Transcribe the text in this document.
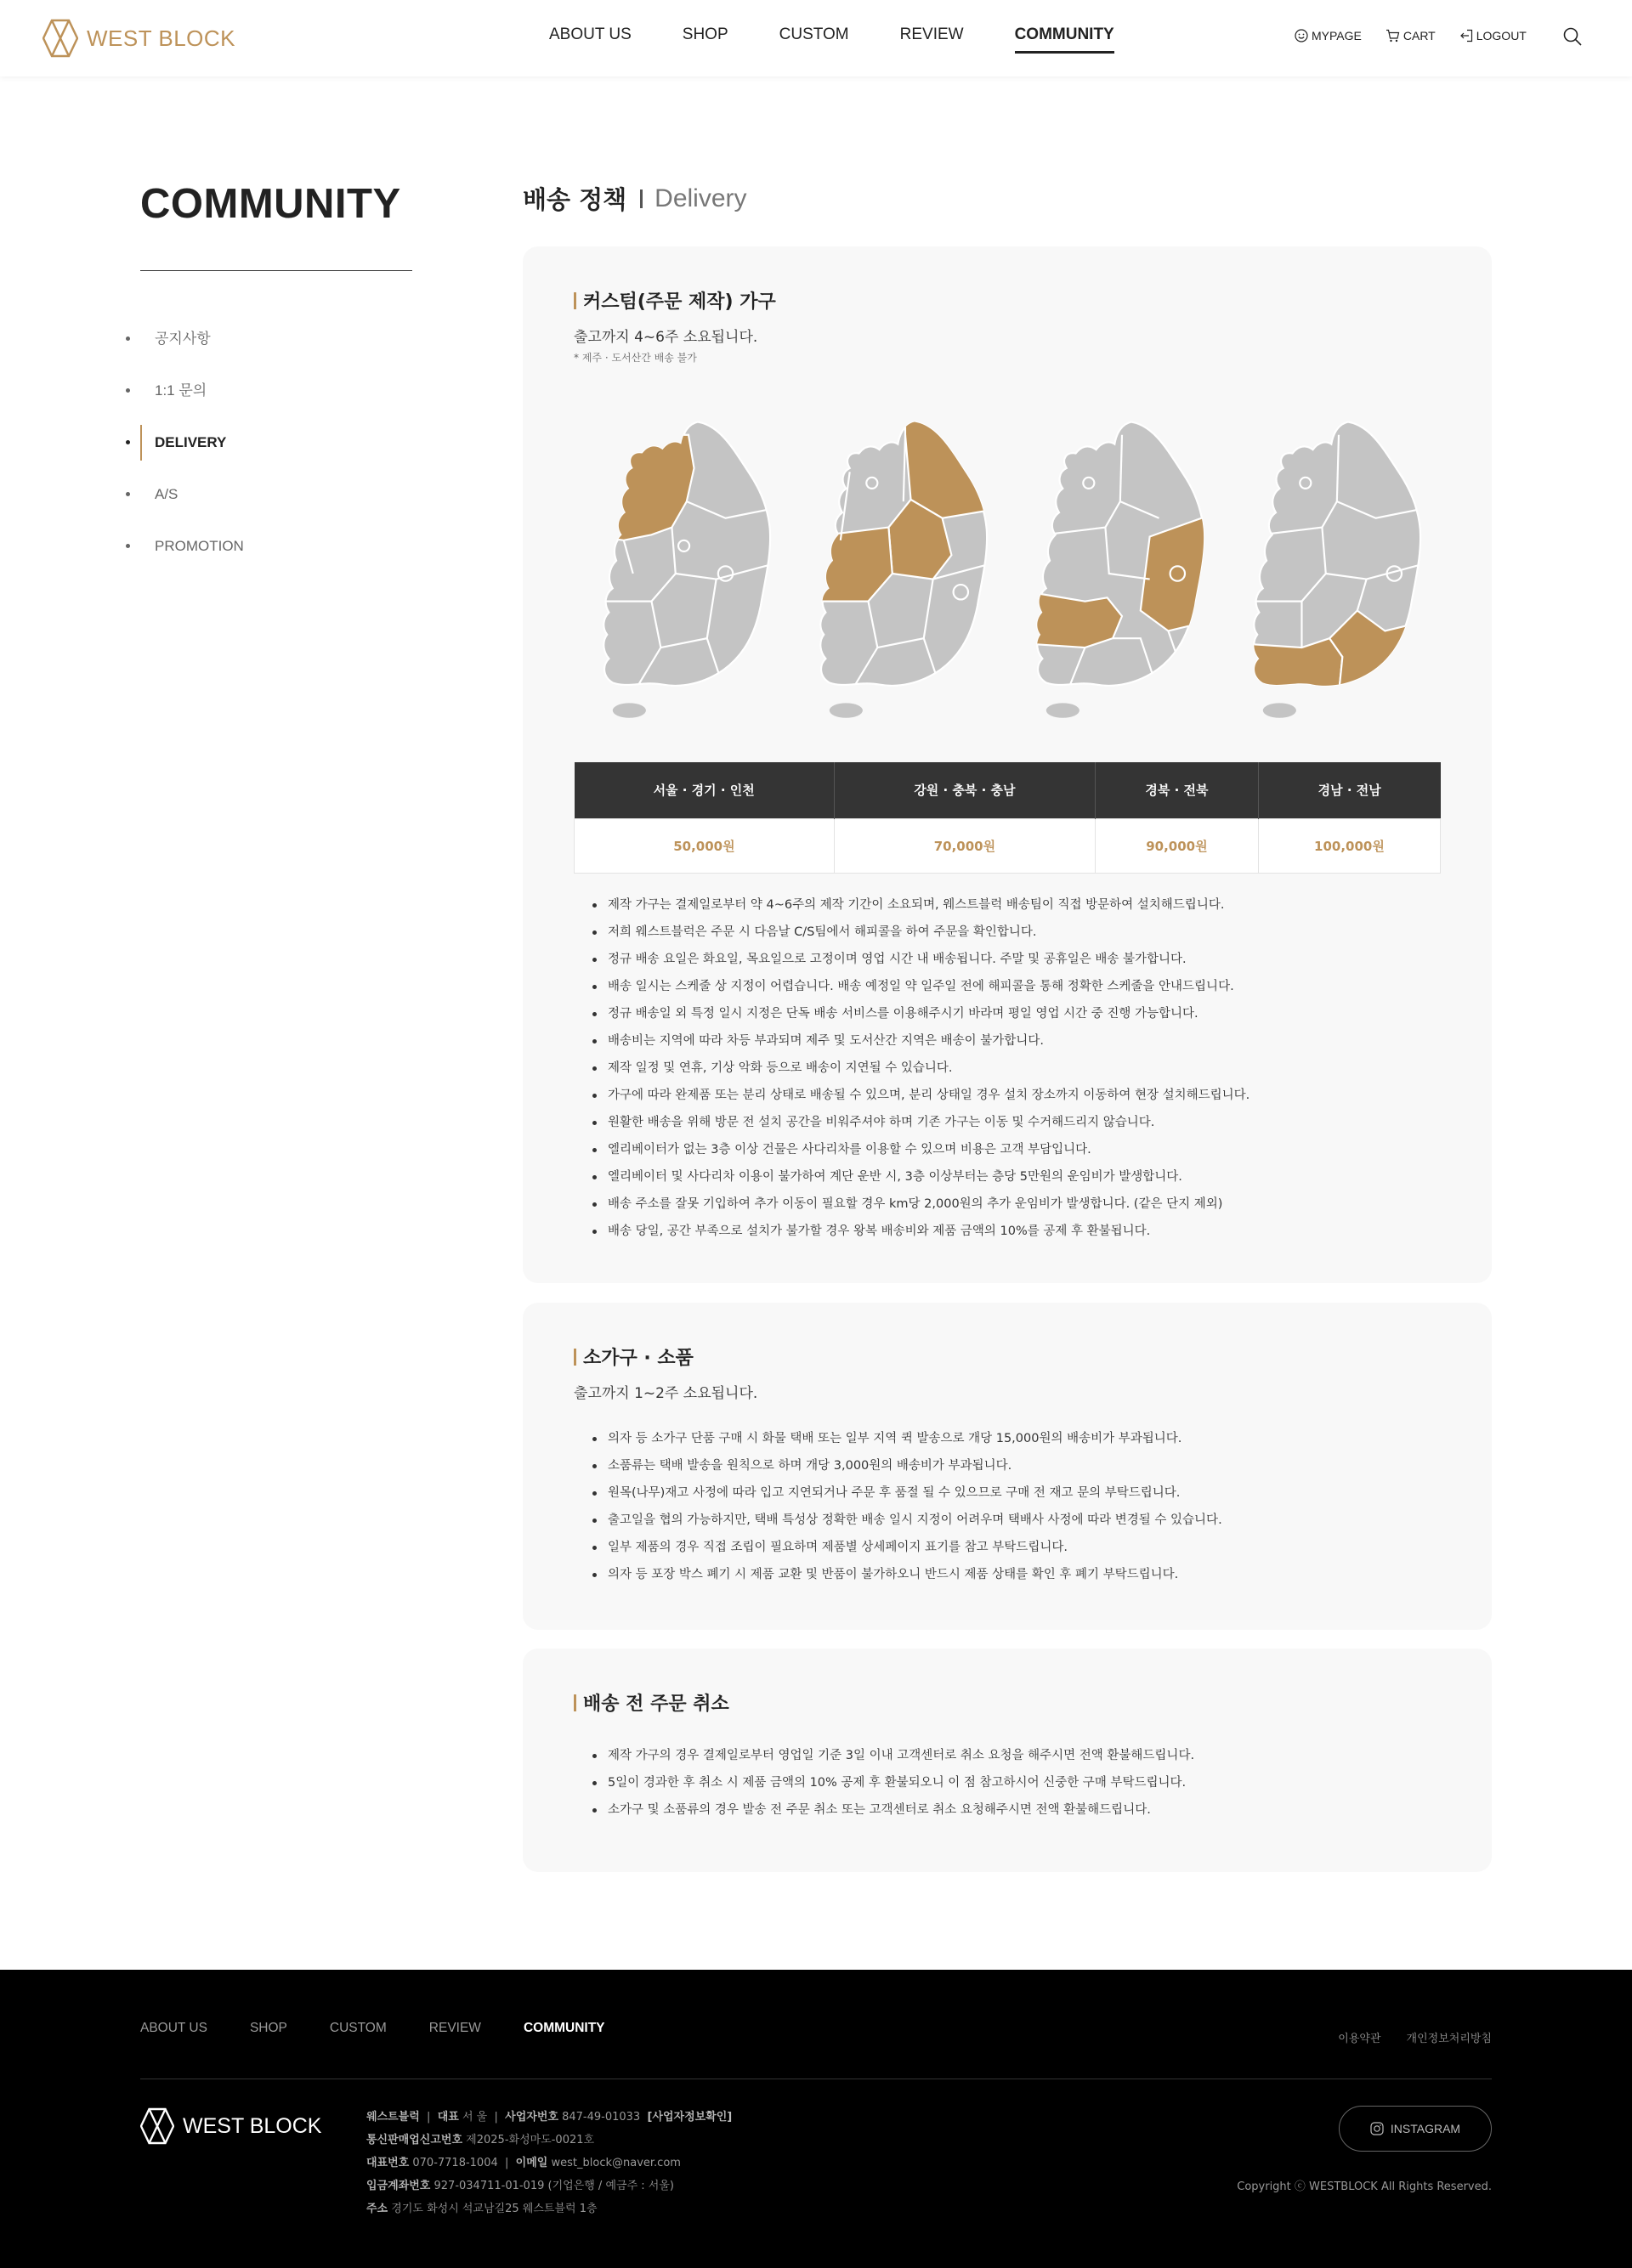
WEST BLOCK	ABOUT US	SHOP	CUSTOM	REVIEW	COMMUNITY	MYPAGE	CART	LOGOUT
COMMUNITY
• 공지사항
• 1:1 문의
• DELIVERY
• A/S
• PROMOTION
배송 정책 Delivery
커스텀(주문 제작) 가구

출고까지 4~6주 소요됩니다.

* 제주 · 도서산간 배송 불가

서울 · 경기 · 인천	강원 · 충북 · 충남	경북 · 전북	경남 · 전남
50,000원	70,000원	90,000원	100,000원
제작 가구는 결제일로부터 약 4~6주의 제작 기간이 소요되며, 웨스트블럭 배송팀이 직접 방문하여 설치해드립니다.
저희 웨스트블럭은 주문 시 다음날 C/S팀에서 해피콜을 하여 주문을 확인합니다.
정규 배송 요일은 화요일, 목요일으로 고정이며 영업 시간 내 배송됩니다. 주말 및 공휴일은 배송 불가합니다.
배송 일시는 스케줄 상 지정이 어렵습니다. 배송 예정일 약 일주일 전에 해피콜을 통해 정확한 스케줄을 안내드립니다.
정규 배송일 외 특정 일시 지정은 단독 배송 서비스를 이용해주시기 바라며 평일 영업 시간 중 진행 가능합니다.
배송비는 지역에 따라 차등 부과되며 제주 및 도서산간 지역은 배송이 불가합니다.
제작 일정 및 연휴, 기상 악화 등으로 배송이 지연될 수 있습니다.
가구에 따라 완제품 또는 분리 상태로 배송될 수 있으며, 분리 상태일 경우 설치 장소까지 이동하여 현장 설치해드립니다.
원활한 배송을 위해 방문 전 설치 공간을 비워주셔야 하며 기존 가구는 이동 및 수거해드리지 않습니다.
엘리베이터가 없는 3층 이상 건물은 사다리차를 이용할 수 있으며 비용은 고객 부담입니다.
엘리베이터 및 사다리차 이용이 불가하여 계단 운반 시, 3층 이상부터는 층당 5만원의 운임비가 발생합니다.
배송 주소를 잘못 기입하여 추가 이동이 필요할 경우 km당 2,000원의 추가 운임비가 발생합니다. (같은 단지 제외)
배송 당일, 공간 부족으로 설치가 불가할 경우 왕복 배송비와 제품 금액의 10%를 공제 후 환불됩니다.
소가구 · 소품

출고까지 1~2주 소요됩니다.

의자 등 소가구 단품 구매 시 화물 택배 또는 일부 지역 퀵 발송으로 개당 15,000원의 배송비가 부과됩니다.
소품류는 택배 발송을 원칙으로 하며 개당 3,000원의 배송비가 부과됩니다.
원목(나무)재고 사정에 따라 입고 지연되거나 주문 후 품절 될 수 있으므로 구매 전 재고 문의 부탁드립니다.
출고일을 협의 가능하지만, 택배 특성상 정확한 배송 일시 지정이 어려우며 택배사 사정에 따라 변경될 수 있습니다.
일부 제품의 경우 직접 조립이 필요하며 제품별 상세페이지 표기를 참고 부탁드립니다.
의자 등 포장 박스 폐기 시 제품 교환 및 반품이 불가하오니 반드시 제품 상태를 확인 후 폐기 부탁드립니다.
배송 전 주문 취소
제작 가구의 경우 결제일로부터 영업일 기준 3일 이내 고객센터로 취소 요청을 해주시면 전액 환불해드립니다.
5일이 경과한 후 취소 시 제품 금액의 10% 공제 후 환불되오니 이 점 참고하시어 신중한 구매 부탁드립니다.
소가구 및 소품류의 경우 발송 전 주문 취소 또는 고객센터로 취소 요청해주시면 전액 환불해드립니다.
ABOUT US	SHOP	CUSTOM	REVIEW	COMMUNITY
이용약관 개인정보처리방침
WEST BLOCK	웨스트블럭  |  대표 서 울  |  사업자번호 847-49-01033 [사업자정보확인]

통신판매업신고번호 제2025-화성마도-0021호

대표번호 070-7718-1004  |  이메일 west_block@naver.com

입금계좌번호 927-034711-01-019 (기업은행 / 예금주 : 서울)

주소 경기도 화성시 석교남길25 웨스트블럭 1층

INSTAGRAM

Copyright ⓒ WESTBLOCK All Rights Reserved.
